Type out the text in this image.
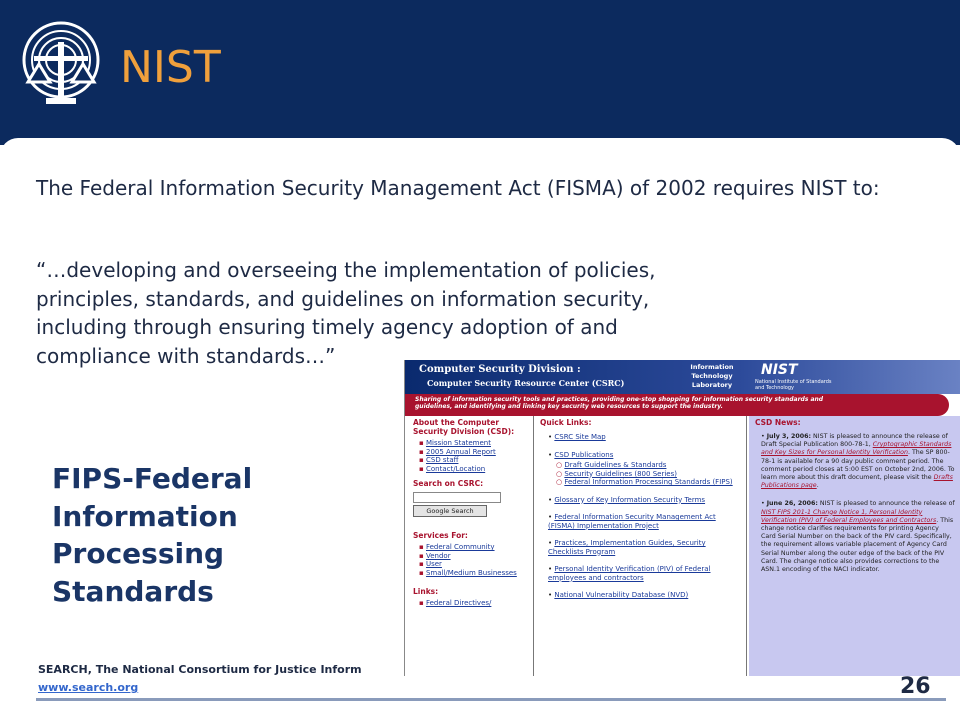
NIST
The Federal Information Security Management Act (FISMA) of 2002 requires NIST to:
“…developing and overseeing the implementation of policies,
principles, standards, and guidelines on information security,
including through ensuring timely agency adoption of and
compliance with standards…”
FIPS-Federal
Information
Processing
Standards
Computer Security Division :
Computer Security Resource Center (CSRC)
Information Technology Laboratory
NIST
National Institute of Standards and Technology
Sharing of information security tools and practices, providing one-stop shopping for information security standards and guidelines, and identifying and linking key security web resources to support the industry.
About the Computer Security Division (CSD):
▪ Mission Statement
▪ 2005 Annual Report
▪ CSD staff
▪ Contact/Location
Search on CSRC:
Google Search
Services For:
▪ Federal Community
▪ Vendor
▪ User
▪ Small/Medium Businesses
Links:
▪ Federal Directives/
Quick Links:
• CSRC Site Map
• CSD Publications
○ Draft Guidelines & Standards
○ Security Guidelines (800 Series)
○ Federal Information Processing Standards (FIPS)
• Glossary of Key Information Security Terms
• Federal Information Security Management Act (FISMA) Implementation Project
• Practices, Implementation Guides, Security Checklists Program
• Personal Identity Verification (PIV) of Federal employees and contractors
• National Vulnerability Database (NVD)
CSD News:
• July 3, 2006: NIST is pleased to announce the release of Draft Special Publication 800-78-1, Cryptographic Standards and Key Sizes for Personal Identity Verification. The SP 800-78-1 is available for a 90 day public comment period. The comment period closes at 5:00 EST on October 2nd, 2006. To learn more about this draft document, please visit the Drafts Publications page.
• June 26, 2006: NIST is pleased to announce the release of NIST FIPS 201-1 Change Notice 1, Personal Identity Verification (PIV) of Federal Employees and Contractors. This change notice clarifies requirements for printing Agency Card Serial Number on the back of the PIV card. Specifically, the requirement allows variable placement of Agency Card Serial Number along the outer edge of the back of the PIV Card. The change notice also provides corrections to the ASN.1 encoding of the NACI indicator.
SEARCH, The National Consortium for Justice Inform
www.search.org	26
